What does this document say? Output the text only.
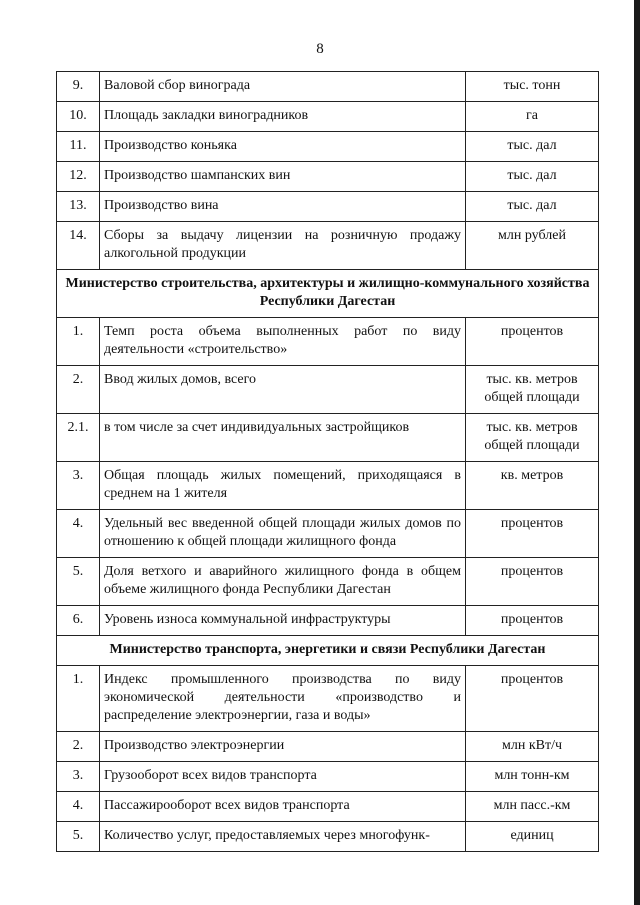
8
9.	Валовой сбор винограда	тыс. тонн
10.	Площадь закладки виноградников	га
11.	Производство коньяка	тыс. дал
12.	Производство шампанских вин	тыс. дал
13.	Производство вина	тыс. дал
14.	Сборы за выдачу лицензии на розничную продажу алкогольной продукции	млн рублей
Министерство строительства, архитектуры и жилищно-коммунального хозяйства Республики Дагестан		
1.	Темп роста объема выполненных работ по виду деятельности «строительство»	процентов
2.	Ввод жилых домов, всего	тыс. кв. метров общей площади
2.1.	в том числе за счет индивидуальных застройщиков	тыс. кв. метров общей площади
3.	Общая площадь жилых помещений, приходящаяся в среднем на 1 жителя	кв. метров
4.	Удельный вес введенной общей площади жилых домов по отношению к общей площади жилищного фонда	процентов
5.	Доля ветхого и аварийного жилищного фонда в общем объеме жилищного фонда Республики Дагестан	процентов
6.	Уровень износа коммунальной инфраструктуры	процентов
Министерство транспорта, энергетики и связи Республики Дагестан		
1.	Индекс промышленного производства по виду экономической деятельности «производство и распределение электроэнергии, газа и воды»	процентов
2.	Производство электроэнергии	млн кВт/ч
3.	Грузооборот всех видов транспорта	млн тонн-км
4.	Пассажирооборот всех видов транспорта	млн пасс.-км
5.	Количество услуг, предоставляемых через многофунк-	единиц
